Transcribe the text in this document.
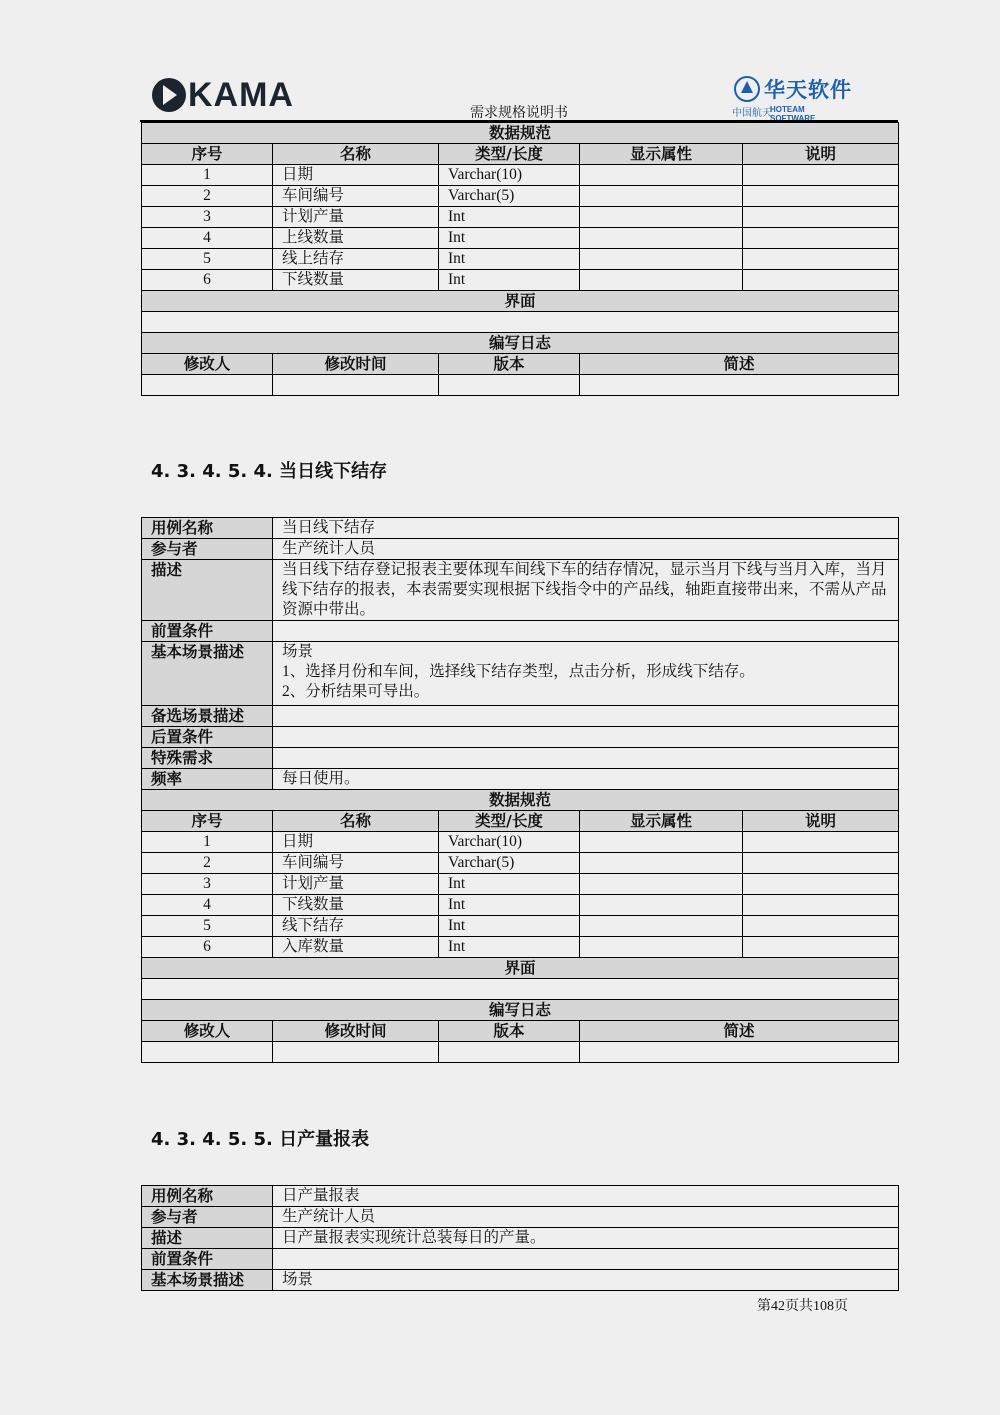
KAMA	需求规格说明书
华天软件
中国航天
HOTEAM SOFTWARE
数据规范				
序号	名称	类型/长度	显示属性	说明
1	日期	Varchar(10)		
2	车间编号	Varchar(5)		
3	计划产量	Int		
4	上线数量	Int		
5	线上结存	Int		
6	下线数量	Int		
界面				

编写日志				
修改人	修改时间	版本	简述	

4. 3. 4. 5. 4. 当日线下结存
用例名称	当日线下结存			
参与者	生产统计人员			
描述	当日线下结存登记报表主要体现车间线下车的结存情况，显示当月下线与当月入库，当月线下结存的报表，本表需要实现根据下线指令中的产品线，轴距直接带出来，不需从产品资源中带出。			
前置条件				
基本场景描述	场景
1、选择月份和车间，选择线下结存类型，点击分析，形成线下结存。
2、分析结果可导出。			

备选场景描述				
后置条件				
特殊需求				
频率	每日使用。			
数据规范				
序号	名称	类型/长度	显示属性	说明
1	日期	Varchar(10)		
2	车间编号	Varchar(5)		
3	计划产量	Int		
4	下线数量	Int		
5	线下结存	Int		
6	入库数量	Int		
界面				

编写日志				
修改人	修改时间	版本	简述	

4. 3. 4. 5. 5. 日产量报表
用例名称	日产量报表
参与者	生产统计人员
描述	日产量报表实现统计总装每日的产量。
前置条件	
基本场景描述	场景
第42页共108页
